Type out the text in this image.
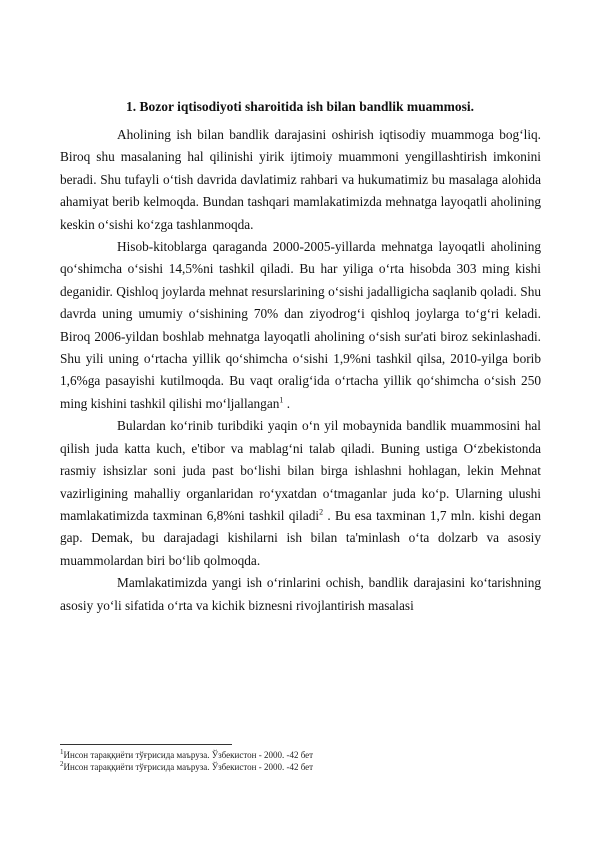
1. Bozor iqtisodiyoti sharoitida ish bilan bandlik muammosi.

Aholining ish bilan bandlik darajasini oshirish iqtisodiy muammoga bog‘liq. Biroq shu masalaning hal qilinishi yirik ijtimoiy muammoni yengillashtirish imkonini beradi. Shu tufayli o‘tish davrida davlatimiz rahbari va hukumatimiz bu masalaga alohida ahamiyat berib kelmoqda. Bundan tashqari mamlakatimizda mehnatga layoqatli aholining keskin o‘sishi ko‘zga tashlanmoqda.

Hisob-kitoblarga qaraganda 2000-2005-yillarda mehnatga layoqatli aholining qo‘shimcha o‘sishi 14,5%ni tashkil qiladi. Bu har yiliga o‘rta hisobda 303 ming kishi deganidir. Qishloq joylarda mehnat resurslarining o‘sishi jadalligicha saqlanib qoladi. Shu davrda uning umumiy o‘sishining 70% dan ziyodrog‘i qishloq joylarga to‘g‘ri keladi. Biroq 2006-yildan boshlab mehnatga layoqatli aholining o‘sish sur'ati biroz sekinlashadi. Shu yili uning o‘rtacha yillik qo‘shimcha o‘sishi 1,9%ni tashkil qilsa, 2010-yilga borib 1,6%ga pasayishi kutilmoqda. Bu vaqt oralig‘ida o‘rtacha yillik qo‘shimcha o‘sish 250 ming kishini tashkil qilishi mo‘ljallangan$^1$ .

Bulardan ko‘rinib turibdiki yaqin o‘n yil mobaynida bandlik muammosini hal qilish juda katta kuch, e'tibor va mablag‘ni talab qiladi. Buning ustiga O‘zbekistonda rasmiy ishsizlar soni juda past bo‘lishi bilan birga ishlashni hohlagan, lekin Mehnat vazirligining mahalliy organlaridan ro‘yxatdan o‘tmaganlar juda ko‘p. Ularning ulushi mamlakatimizda taxminan 6,8%ni tashkil qiladi$^2$ . Bu esa taxminan 1,7 mln. kishi degan gap. Demak, bu darajadagi kishilarni ish bilan ta'minlash o‘ta dolzarb va asosiy muammolardan biri bo‘lib qolmoqda.

Mamlakatimizda yangi ish o‘rinlarini ochish, bandlik darajasini ko‘tarishning asosiy yo‘li sifatida o‘rta va kichik biznesni rivojlantirish masalasi

$^1$Инсон тараққиёти тўғрисида маъруза. Ўзбекистон - 2000. -42 бет
$^2$Инсон тараққиёти тўғрисида маъруза. Ўзбекистон - 2000. -42 бет
